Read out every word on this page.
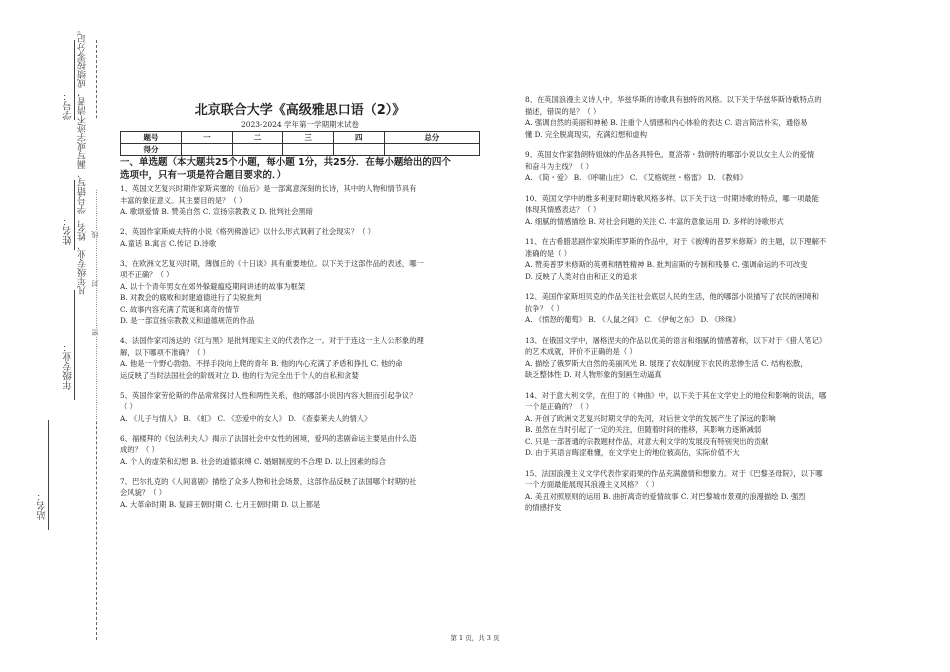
学号： 凡年级专业、姓名、学号错写、漏写或字迹不清者，成绩按零分记。
………………………………密………………封………………线………………
姓名：
年级专业：
站名：
北京联合大学《高级雅思口语（2）》
2023-2024 学年第一学期期末试卷
题号	一	二	三	四	总分
得分					
一、单选题（本大题共25个小题，每小题 1分，共25分．在每小题给出的四个
选项中，只有一项是符合题目要求的．）

1、英国文艺复兴时期作家斯宾塞的《仙后》是一部寓意深刻的长诗，其中的人物和情节具有

丰富的象征意义。其主要目的是？（ ）

A. 歌颂爱情 B. 赞美自然 C. 宣扬宗教教义 D. 批判社会黑暗

2、英国作家斯威夫特的小说《格列佛游记》以什么形式讽刺了社会现实？（ ）

A.童话 B.寓言 C.传记 D.诗歌

3、在欧洲文艺复兴时期，薄伽丘的《十日谈》具有重要地位。以下关于这部作品的表述，哪一

项不正确？（ ）

A. 以十个青年男女在郊外躲避瘟疫期间讲述的故事为框架

B. 对教会的腐败和封建道德进行了尖锐批判

C. 故事内容充满了荒诞和离奇的情节

D. 是一部宣扬宗教教义和道德规范的作品

4、法国作家司汤达的《红与黑》是批判现实主义的代表作之一。对于于连这一主人公形象的理

解，以下哪项不准确？（ ）

A. 他是一个野心勃勃、不择手段向上爬的青年 B. 他的内心充满了矛盾和挣扎 C. 他的命

运反映了当时法国社会的阶级对立 D. 他的行为完全出于个人的自私和贪婪

5、英国作家劳伦斯的作品常常探讨人性和两性关系，他的哪部小说因内容大胆而引起争议？

（ ）

A. 《儿子与情人》 B. 《虹》 C. 《恋爱中的女人》 D. 《查泰莱夫人的情人》

6、福楼拜的《包法利夫人》揭示了法国社会中女性的困境，爱玛的悲剧命运主要是由什么造

成的？（ ）

A. 个人的虚荣和幻想 B. 社会的道德束缚 C. 婚姻制度的不合理 D. 以上因素的综合

7、巴尔扎克的《人间喜剧》描绘了众多人物和社会场景，这部作品反映了法国哪个时期的社

会风貌？（ ）

A. 大革命时期 B. 复辟王朝时期 C. 七月王朝时期 D. 以上都是

8、在英国浪漫主义诗人中，华兹华斯的诗歌具有独特的风格。以下关于华兹华斯诗歌特点的

描述，错误的是？（ ）

A. 强调自然的美丽和神秘 B. 注重个人情感和内心体验的表达 C. 语言简洁朴实，通俗易

懂 D. 完全脱离现实，充满幻想和虚构

9、英国女作家勃朗特姐妹的作品各具特色，夏洛蒂・勃朗特的哪部小说以女主人公的爱情

和奋斗为主线？（ ）

A. 《简・爱》 B. 《呼啸山庄》 C. 《艾格妮丝・格雷》 D. 《教师》

10、英国文学中的维多利亚时期诗歌风格多样。以下关于这一时期诗歌的特点，哪一项最能

体现其情感表达？（ ）

A. 细腻的情感描绘 B. 对社会问题的关注 C. 丰富的意象运用 D. 多样的诗歌形式

11、在古希腊悲剧作家埃斯库罗斯的作品中，对于《被缚的普罗米修斯》的主题，以下理解不

准确的是（ ）

A. 赞美普罗米修斯的英勇和牺牲精神 B. 批判宙斯的专制和残暴 C. 强调命运的不可改变

D. 反映了人类对自由和正义的追求

12、美国作家斯坦贝克的作品关注社会底层人民的生活，他的哪部小说描写了农民的困境和

抗争？（ ）

A. 《愤怒的葡萄》 B. 《人鼠之间》 C. 《伊甸之东》 D. 《珍珠》

13、在俄国文学中，屠格涅夫的作品以优美的语言和细腻的情感著称，以下对于《猎人笔记》

的艺术成就，评价不正确的是（ ）

A. 描绘了俄罗斯大自然的美丽风光 B. 展现了农奴制度下农民的悲惨生活 C. 结构松散，

缺乏整体性 D. 对人物形象的刻画生动逼真

14、对于意大利文学，在但丁的《神曲》中，以下关于其在文学史上的地位和影响的说法，哪

一个是正确的？（ ）

A. 开创了欧洲文艺复兴时期文学的先河，对后世文学的发展产生了深远的影响

B. 虽然在当时引起了一定的关注，但随着时间的推移，其影响力逐渐减弱

C. 只是一部普通的宗教题材作品，对意大利文学的发展没有特别突出的贡献

D. 由于其语言晦涩难懂，在文学史上的地位被高估，实际价值不大

15、法国浪漫主义文学代表作家雨果的作品充满激情和想象力。对于《巴黎圣母院》，以下哪

一个方面最能展现其浪漫主义风格？（ ）

A. 美丑对照原则的运用 B. 曲折离奇的爱情故事 C. 对巴黎城市景观的浪漫描绘 D. 强烈

的情感抒发

第 1 页，共 3 页
